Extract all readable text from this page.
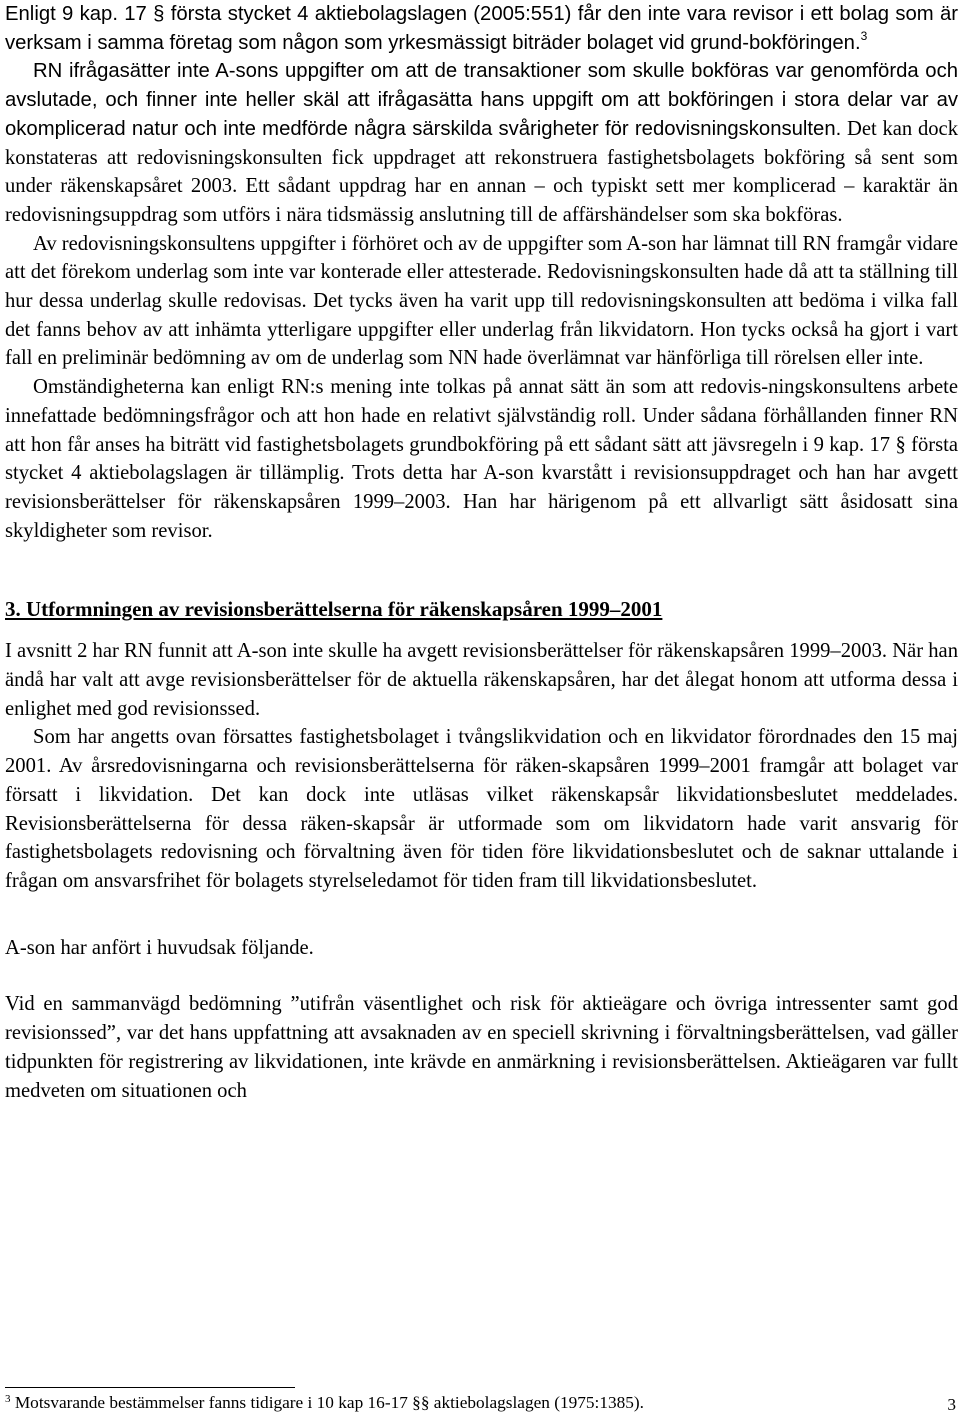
Enligt 9 kap. 17 § första stycket 4 aktiebolagslagen (2005:551) får den inte vara revisor i ett bolag som är verksam i samma företag som någon som yrkesmässigt biträder bolaget vid grund-bokföringen.$^3$

RN ifrågasätter inte A-sons uppgifter om att de transaktioner som skulle bokföras var genomförda och avslutade, och finner inte heller skäl att ifrågasätta hans uppgift om att bokföringen i stora delar var av okomplicerad natur och inte medförde några särskilda svårigheter för redovisningskonsulten. Det kan dock konstateras att redovisningskonsulten fick uppdraget att rekonstruera fastighetsbolagets bokföring så sent som under räkenskapsåret 2003. Ett sådant uppdrag har en annan – och typiskt sett mer komplicerad – karaktär än redovisningsuppdrag som utförs i nära tidsmässig anslutning till de affärshändelser som ska bokföras.

Av redovisningskonsultens uppgifter i förhöret och av de uppgifter som A-son har lämnat till RN framgår vidare att det förekom underlag som inte var konterade eller attesterade. Redovisningskonsulten hade då att ta ställning till hur dessa underlag skulle redovisas. Det tycks även ha varit upp till redovisningskonsulten att bedöma i vilka fall det fanns behov av att inhämta ytterligare uppgifter eller underlag från likvidatorn. Hon tycks också ha gjort i vart fall en preliminär bedömning av om de underlag som NN hade överlämnat var hänförliga till rörelsen eller inte.

Omständigheterna kan enligt RN:s mening inte tolkas på annat sätt än som att redovis-ningskonsultens arbete innefattade bedömningsfrågor och att hon hade en relativt självständig roll. Under sådana förhållanden finner RN att hon får anses ha biträtt vid fastighetsbolagets grundbokföring på ett sådant sätt att jävsregeln i 9 kap. 17 § första stycket 4 aktiebolagslagen är tillämplig. Trots detta har A-son kvarstått i revisionsuppdraget och han har avgett revisionsberättelser för räkenskapsåren 1999–2003. Han har härigenom på ett allvarligt sätt åsidosatt sina skyldigheter som revisor.

3. Utformningen av revisionsberättelserna för räkenskapsåren 1999–2001

I avsnitt 2 har RN funnit att A-son inte skulle ha avgett revisionsberättelser för räkenskapsåren 1999–2003. När han ändå har valt att avge revisionsberättelser för de aktuella räkenskapsåren, har det ålegat honom att utforma dessa i enlighet med god revisionssed.

Som har angetts ovan försattes fastighetsbolaget i tvångslikvidation och en likvidator förordnades den 15 maj 2001. Av årsredovisningarna och revisionsberättelserna för räken-skapsåren 1999–2001 framgår att bolaget var försatt i likvidation. Det kan dock inte utläsas vilket räkenskapsår likvidationsbeslutet meddelades. Revisionsberättelserna för dessa räken-skapsår är utformade som om likvidatorn hade varit ansvarig för fastighetsbolagets redovisning och förvaltning även för tiden före likvidationsbeslutet och de saknar uttalande i frågan om ansvarsfrihet för bolagets styrelseledamot för tiden fram till likvidationsbeslutet.

A-son har anfört i huvudsak följande.

Vid en sammanvägd bedömning ”utifrån väsentlighet och risk för aktieägare och övriga intressenter samt god revisionssed”, var det hans uppfattning att avsaknaden av en speciell skrivning i förvaltningsberättelsen, vad gäller tidpunkten för registrering av likvidationen, inte krävde en anmärkning i revisionsberättelsen. Aktieägaren var fullt medveten om situationen och

$^3$ Motsvarande bestämmelser fanns tidigare i 10 kap 16-17 §§ aktiebolagslagen (1975:1385).	3
